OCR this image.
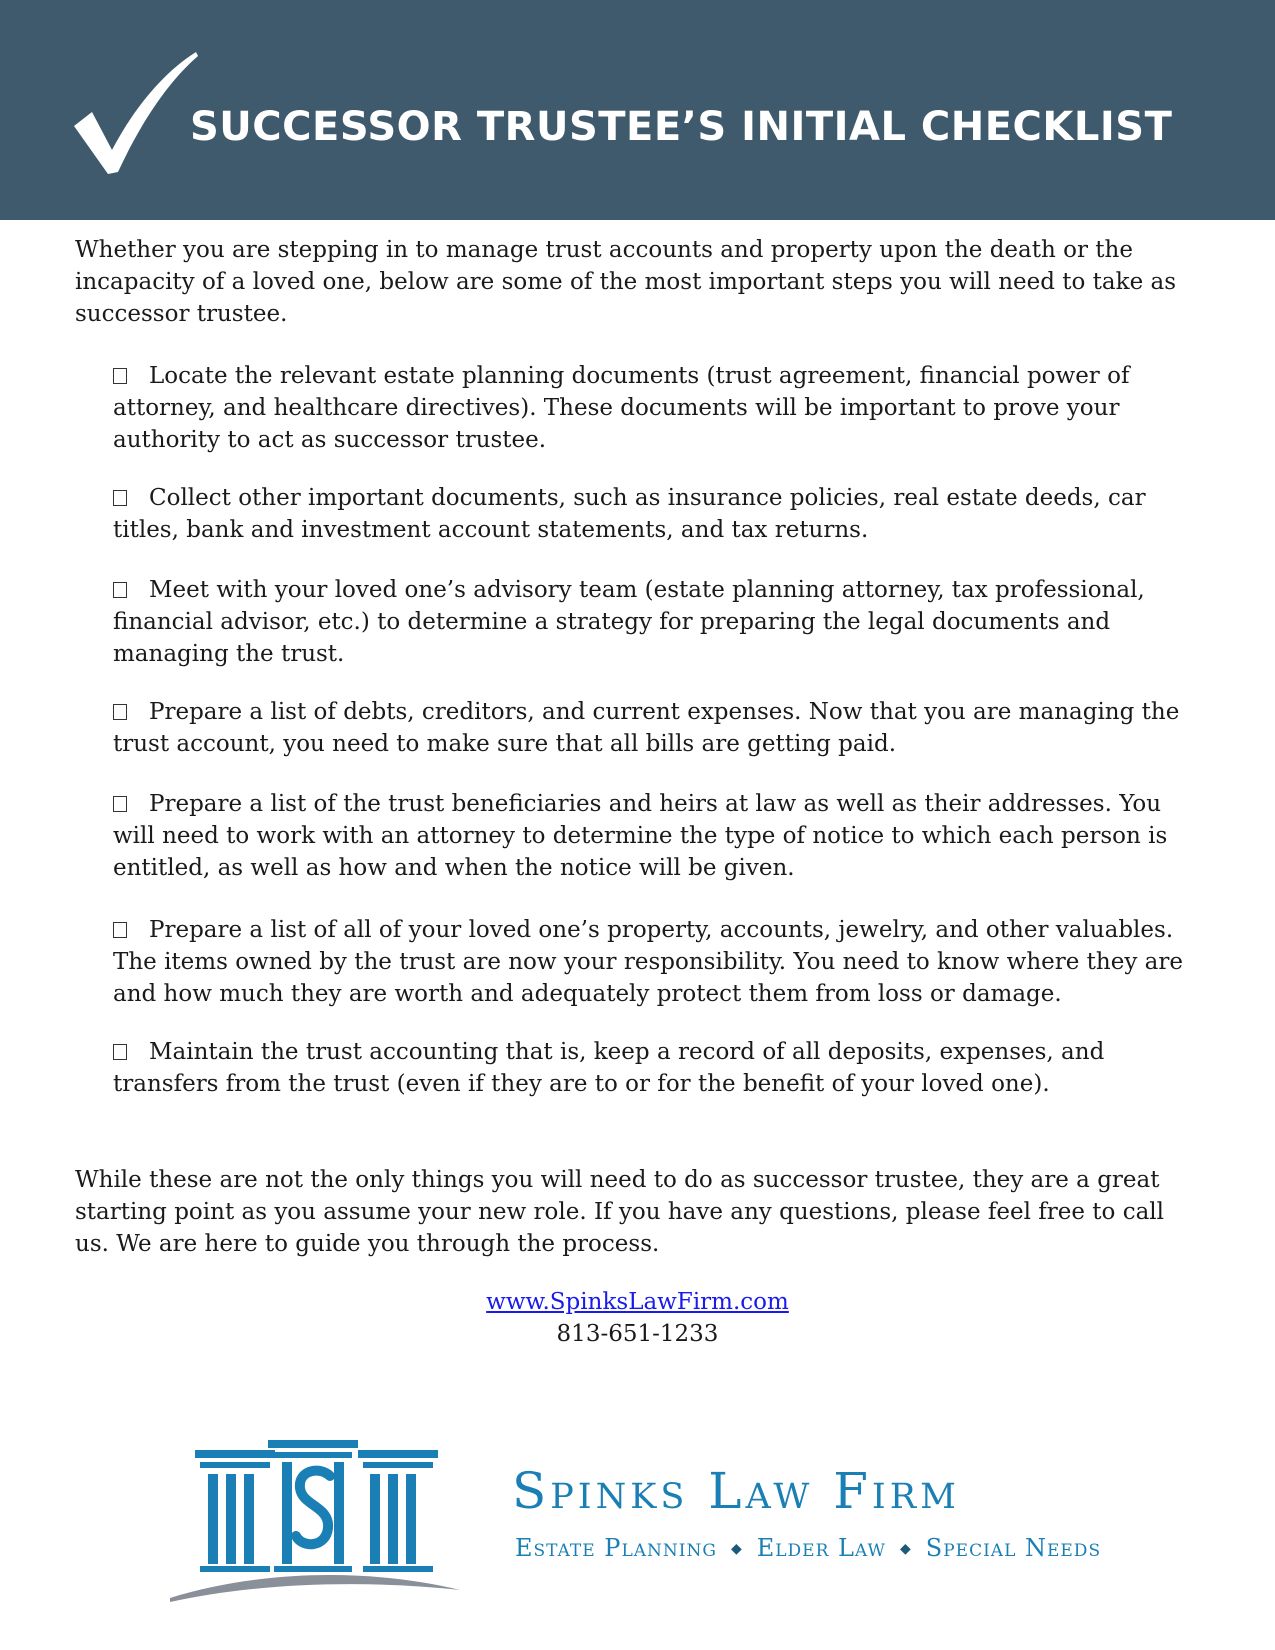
SUCCESSOR TRUSTEE’S INITIAL CHECKLIST

Whether you are stepping in to manage trust accounts and property upon the death or the incapacity of a loved one, below are some of the most important steps you will need to take as successor trustee.

Locate the relevant estate planning documents (trust agreement, financial power of attorney, and healthcare directives). These documents will be important to prove your authority to act as successor trustee.
Collect other important documents, such as insurance policies, real estate deeds, car titles, bank and investment account statements, and tax returns.
Meet with your loved one’s advisory team (estate planning attorney, tax professional, financial advisor, etc.) to determine a strategy for preparing the legal documents and managing the trust.
Prepare a list of debts, creditors, and current expenses. Now that you are managing the trust account, you need to make sure that all bills are getting paid.
Prepare a list of the trust beneficiaries and heirs at law as well as their addresses. You will need to work with an attorney to determine the type of notice to which each person is entitled, as well as how and when the notice will be given.
Prepare a list of all of your loved one’s property, accounts, jewelry, and other valuables. The items owned by the trust are now your responsibility. You need to know where they are and how much they are worth and adequately protect them from loss or damage.
Maintain the trust accounting that is, keep a record of all deposits, expenses, and transfers from the trust (even if they are to or for the benefit of your loved one).

While these are not the only things you will need to do as successor trustee, they are a great starting point as you assume your new role. If you have any questions, please feel free to call us. We are here to guide you through the process.

www.SpinksLawFirm.com
813-651-1233
Spinks Law Firm
Estate Planning ◆ Elder Law ◆ Special Needs
